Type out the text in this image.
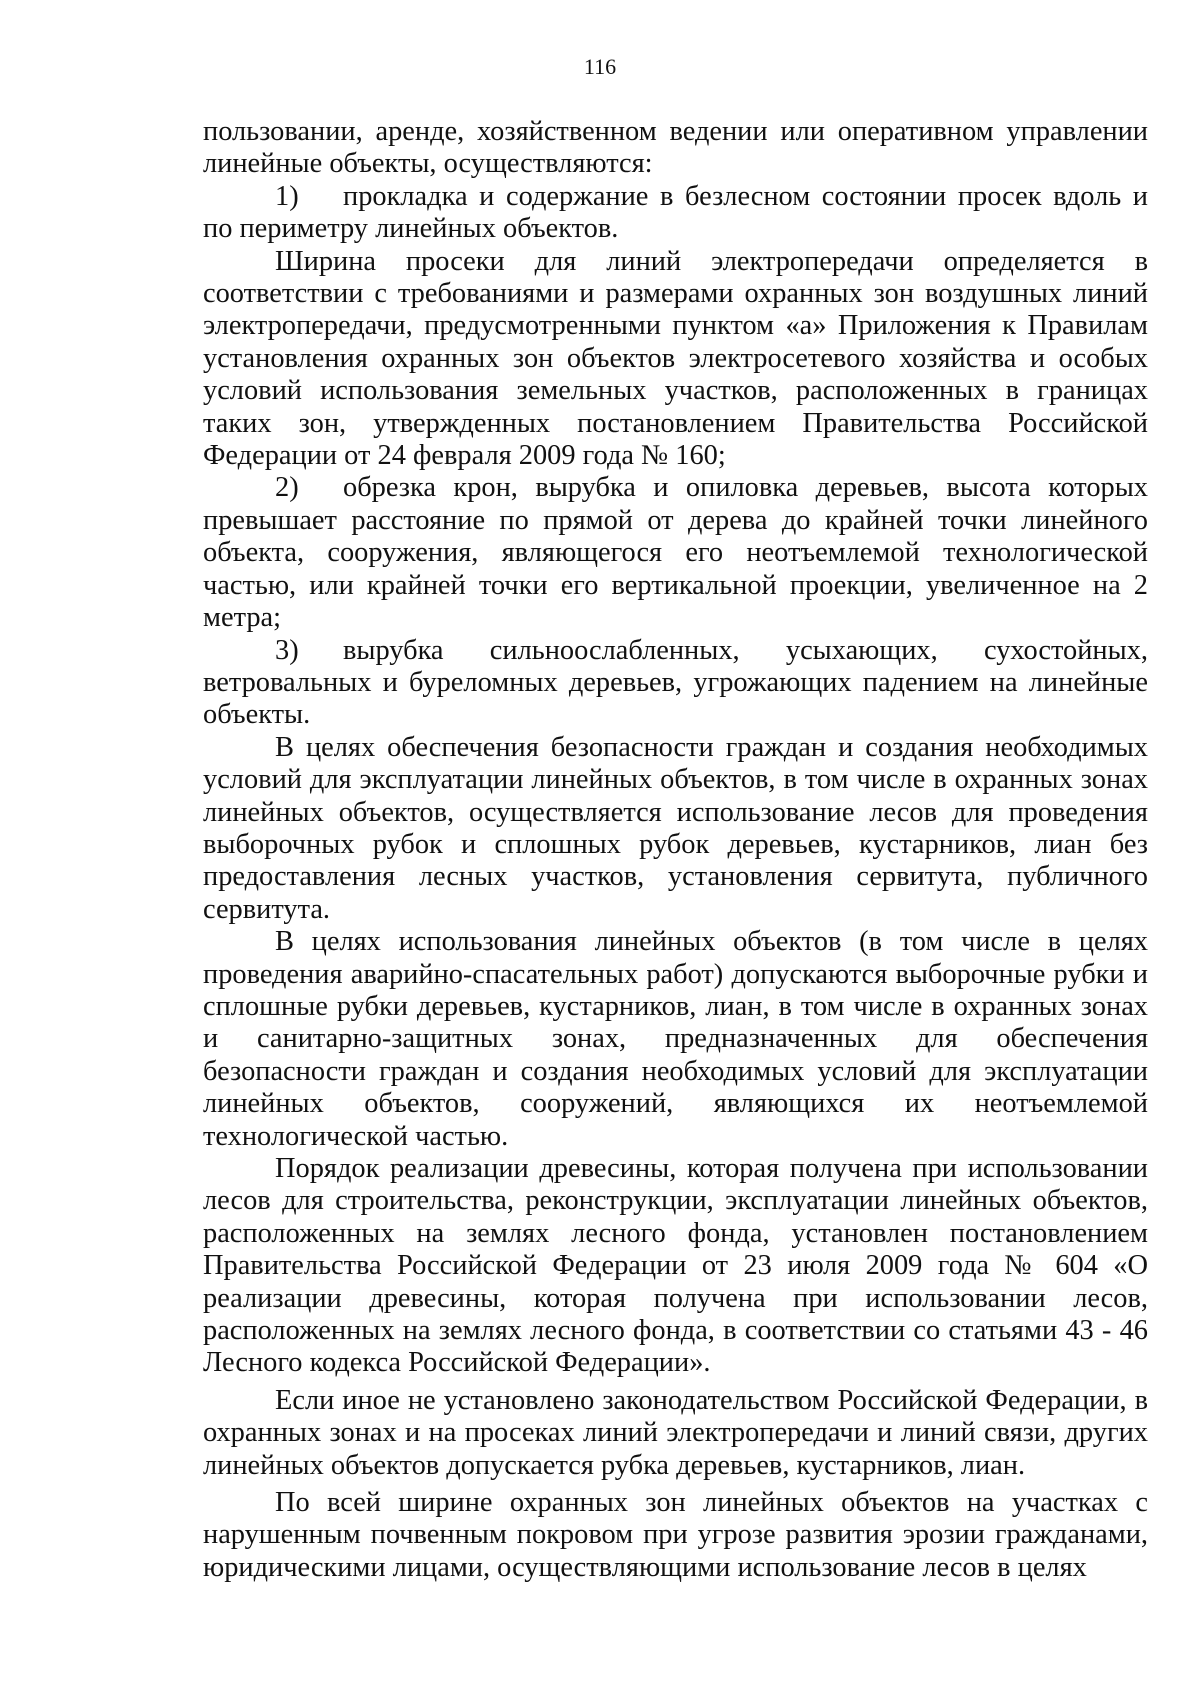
116

пользовании, аренде, хозяйственном ведении или оперативном управлении линейные объекты, осуществляются:

1) прокладка и содержание в безлесном состоянии просек вдоль и по периметру линейных объектов.

Ширина просеки для линий электропередачи определяется в соответствии с требованиями и размерами охранных зон воздушных линий электропередачи, предусмотренными пунктом «а» Приложения к Правилам установления охранных зон объектов электросетевого хозяйства и особых условий использования земельных участков, расположенных в границах таких зон, утвержденных постановлением Правительства Российской Федерации от 24 февраля 2009 года № 160;

2) обрезка крон, вырубка и опиловка деревьев, высота которых превышает расстояние по прямой от дерева до крайней точки линейного объекта, сооружения, являющегося его неотъемлемой технологической частью, или крайней точки его вертикальной проекции, увеличенное на 2 метра;

3) вырубка сильноослабленных, усыхающих, сухостойных, ветровальных и буреломных деревьев, угрожающих падением на линейные объекты.

В целях обеспечения безопасности граждан и создания необходимых условий для эксплуатации линейных объектов, в том числе в охранных зонах линейных объектов, осуществляется использование лесов для проведения выборочных рубок и сплошных рубок деревьев, кустарников, лиан без предоставления лесных участков, установления сервитута, публичного сервитута.

В целях использования линейных объектов (в том числе в целях проведения аварийно-спасательных работ) допускаются выборочные рубки и сплошные рубки деревьев, кустарников, лиан, в том числе в охранных зонах и санитарно-защитных зонах, предназначенных для обеспечения безопасности граждан и создания необходимых условий для эксплуатации линейных объектов, сооружений, являющихся их неотъемлемой технологической частью.

Порядок реализации древесины, которая получена при использовании лесов для строительства, реконструкции, эксплуатации линейных объектов, расположенных на землях лесного фонда, установлен постановлением Правительства Российской Федерации от 23 июля 2009 года № 604 «О реализации древесины, которая получена при использовании лесов, расположенных на землях лесного фонда, в соответствии со статьями 43 - 46 Лесного кодекса Российской Федерации».

Если иное не установлено законодательством Российской Федерации, в охранных зонах и на просеках линий электропередачи и линий связи, других линейных объектов допускается рубка деревьев, кустарников, лиан.

По всей ширине охранных зон линейных объектов на участках с нарушенным почвенным покровом при угрозе развития эрозии гражданами, юридическими лицами, осуществляющими использование лесов в целях
